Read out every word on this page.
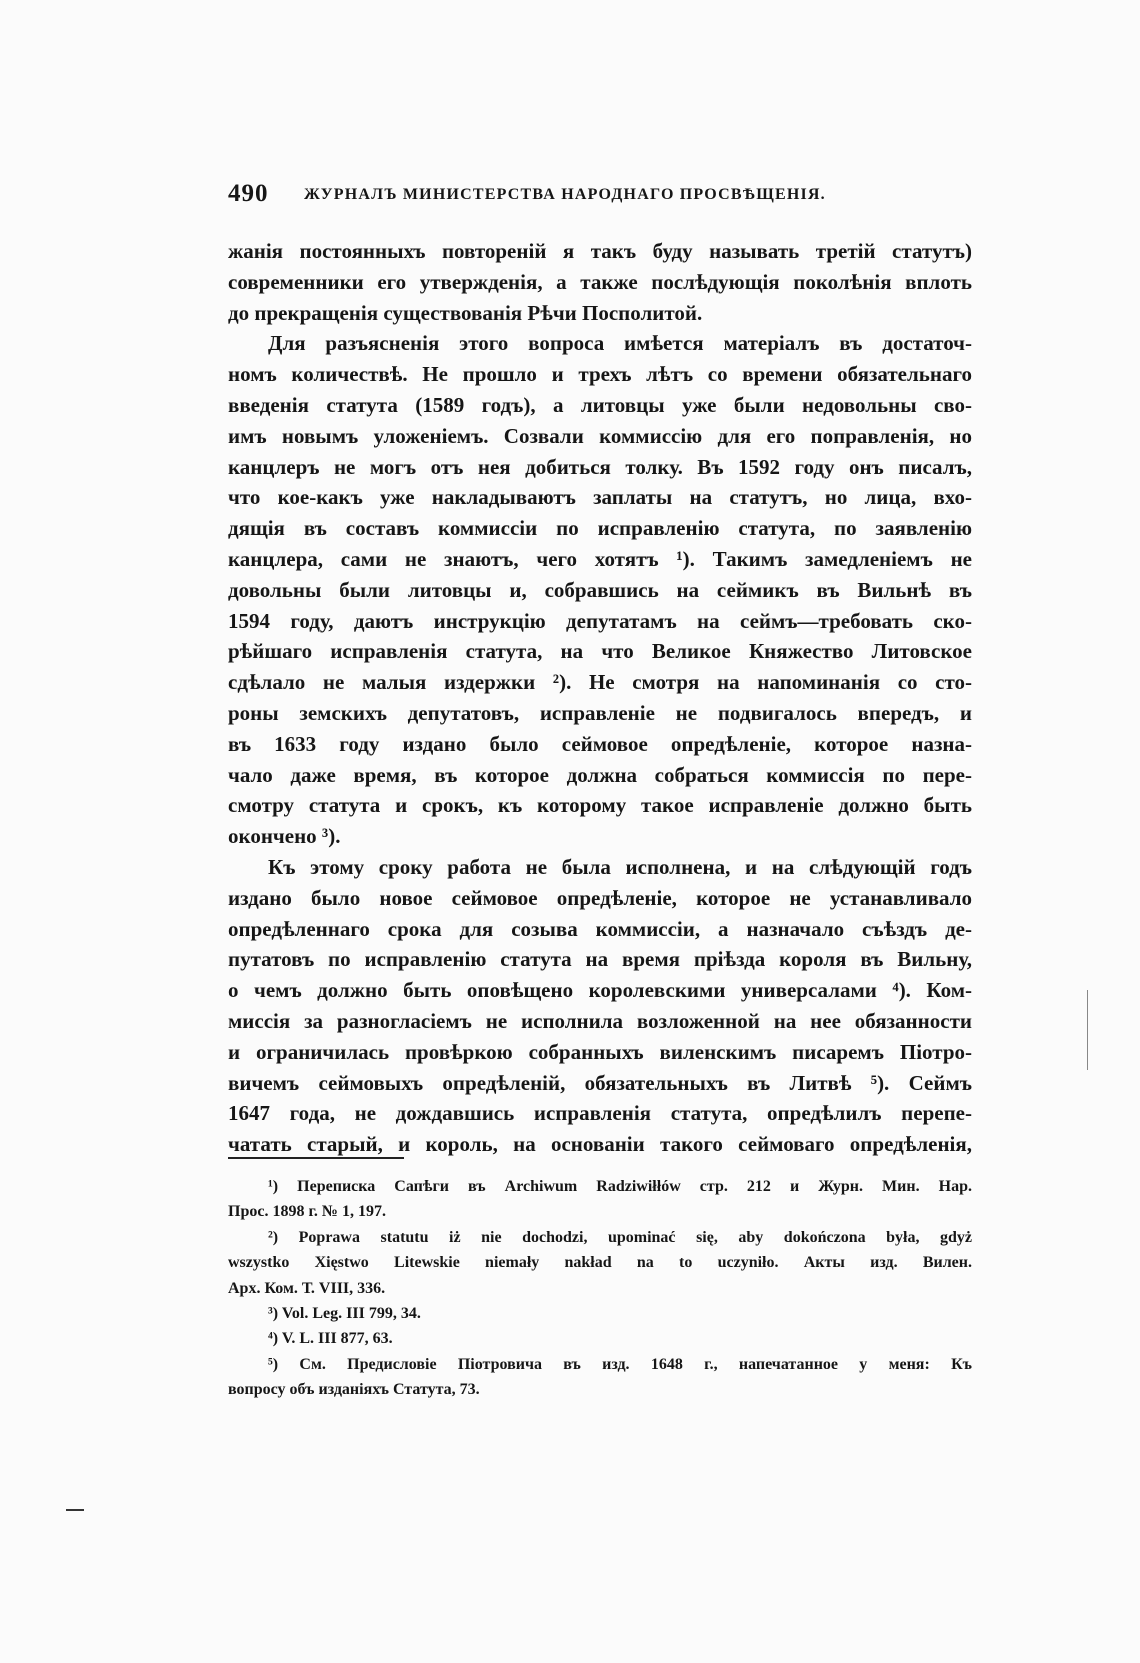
490 ЖУРНАЛЪ МИНИСТЕРСТВА НАРОДНАГО ПРОСВѢЩЕНІЯ.
жанія постоянныхъ повтореній я такъ буду называть третій статутъ)
современники его утвержденія, а также послѣдующія поколѣнія вплоть
до прекращенія существованія Рѣчи Посполитой.
Для разъясненія этого вопроса имѣется матеріалъ въ достаточ-
номъ количествѣ. Не прошло и трехъ лѣтъ со времени обязательнаго
введенія статута (1589 годъ), а литовцы уже были недовольны сво-
имъ новымъ уложеніемъ. Созвали коммиссію для его поправленія, но
канцлеръ не могъ отъ нея добиться толку. Въ 1592 году онъ писалъ,
что кое-какъ уже накладываютъ заплаты на статутъ, но лица, вхо-
дящія въ составъ коммиссіи по исправленію статута, по заявленію
канцлера, сами не знаютъ, чего хотятъ ¹). Такимъ замедленіемъ не
довольны были литовцы и, собравшись на сеймикъ въ Вильнѣ въ
1594 году, даютъ инструкцію депутатамъ на сеймъ—требовать ско-
рѣйшаго исправленія статута, на что Великое Княжество Литовское
сдѣлало не малыя издержки ²). Не смотря на напоминанія со сто-
роны земскихъ депутатовъ, исправленіе не подвигалось впередъ, и
въ 1633 году издано было сеймовое опредѣленіе, которое назна-
чало даже время, въ которое должна собраться коммиссія по пере-
смотру статута и срокъ, къ которому такое исправленіе должно быть
окончено ³).
Къ этому сроку работа не была исполнена, и на слѣдующій годъ
издано было новое сеймовое опредѣленіе, которое не устанавливало
опредѣленнаго срока для созыва коммиссіи, а назначало съѣздъ де-
путатовъ по исправленію статута на время пріѣзда короля въ Вильну,
о чемъ должно быть оповѣщено королевскими универсалами ⁴). Ком-
миссія за разногласіемъ не исполнила возложенной на нее обязанности
и ограничилась провѣркою собранныхъ виленскимъ писаремъ Піотро-
вичемъ сеймовыхъ опредѣленій, обязательныхъ въ Литвѣ ⁵). Сеймъ
1647 года, не дождавшись исправленія статута, опредѣлилъ перепе-
чатать старый, и король, на основаніи такого сеймоваго опредѣленія,
¹) Переписка Сапѣги въ Archiwum Radziwiłłów стр. 212 и Журн. Мин. Нар.
Прос. 1898 г. № 1, 197.
²) Poprawa statutu iż nie dochodzi, upominać się, aby dokończona była, gdyż
wszystko Xięstwo Litewskie niemały nakład na to uczyniło. Акты изд. Вилен.
Арх. Ком. Т. VIII, 336.
³) Vol. Leg. III 799, 34.
⁴) V. L. III 877, 63.
⁵) См. Предисловіе Піотровича въ изд. 1648 г., напечатанное у меня: Къ
вопросу объ изданіяхъ Статута, 73.
